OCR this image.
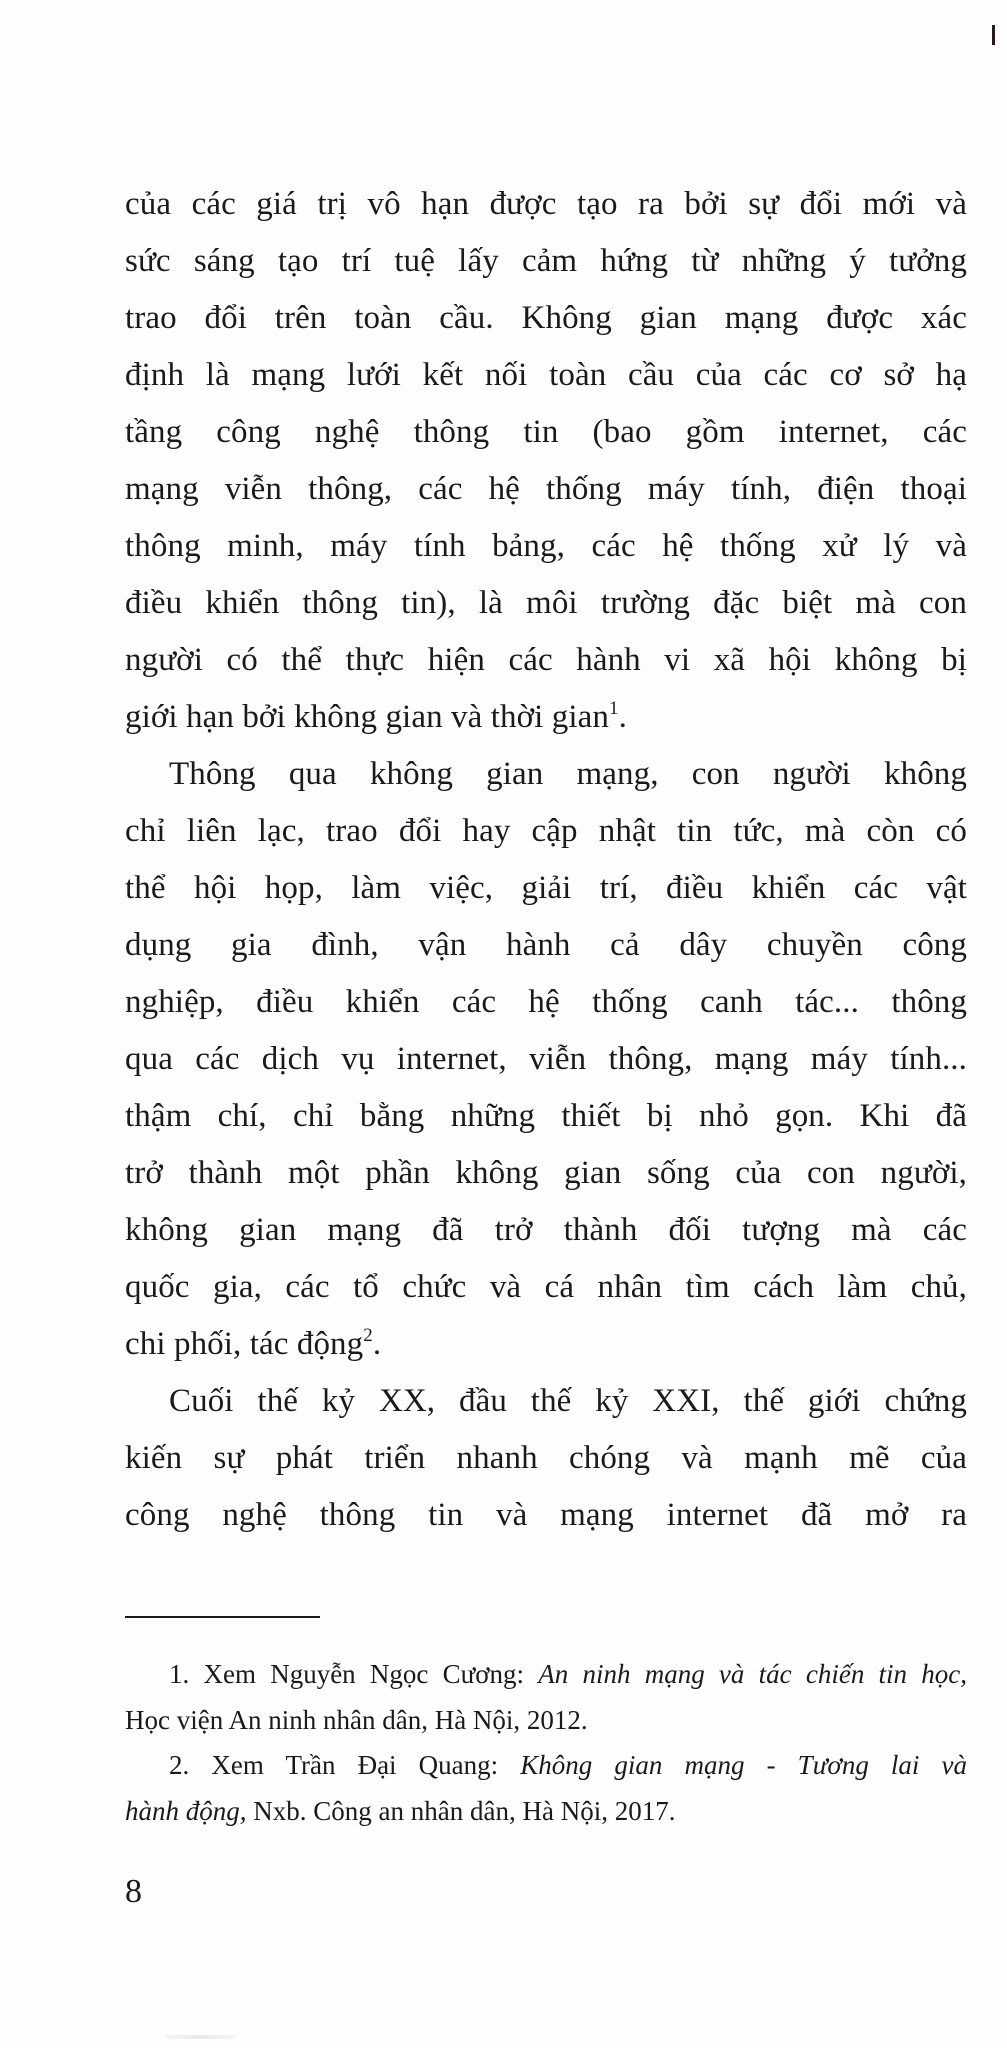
của các giá trị vô hạn được tạo ra bởi sự đổi mới và
sức sáng tạo trí tuệ lấy cảm hứng từ những ý tưởng
trao đổi trên toàn cầu. Không gian mạng được xác
định là mạng lưới kết nối toàn cầu của các cơ sở hạ
tầng công nghệ thông tin (bao gồm internet, các
mạng viễn thông, các hệ thống máy tính, điện thoại
thông minh, máy tính bảng, các hệ thống xử lý và
điều khiển thông tin), là môi trường đặc biệt mà con
người có thể thực hiện các hành vi xã hội không bị
giới hạn bởi không gian và thời gian$^1$.
Thông qua không gian mạng, con người không
chỉ liên lạc, trao đổi hay cập nhật tin tức, mà còn có
thể hội họp, làm việc, giải trí, điều khiển các vật
dụng gia đình, vận hành cả dây chuyền công
nghiệp, điều khiển các hệ thống canh tác... thông
qua các dịch vụ internet, viễn thông, mạng máy tính...
thậm chí, chỉ bằng những thiết bị nhỏ gọn. Khi đã
trở thành một phần không gian sống của con người,
không gian mạng đã trở thành đối tượng mà các
quốc gia, các tổ chức và cá nhân tìm cách làm chủ,
chi phối, tác động$^2$.
Cuối thế kỷ XX, đầu thế kỷ XXI, thế giới chứng
kiến sự phát triển nhanh chóng và mạnh mẽ của
công nghệ thông tin và mạng internet đã mở ra
1. Xem Nguyễn Ngọc Cương: An ninh mạng và tác chiến tin học,
Học viện An ninh nhân dân, Hà Nội, 2012.
2. Xem Trần Đại Quang: Không gian mạng - Tương lai và
hành động, Nxb. Công an nhân dân, Hà Nội, 2017.
8
